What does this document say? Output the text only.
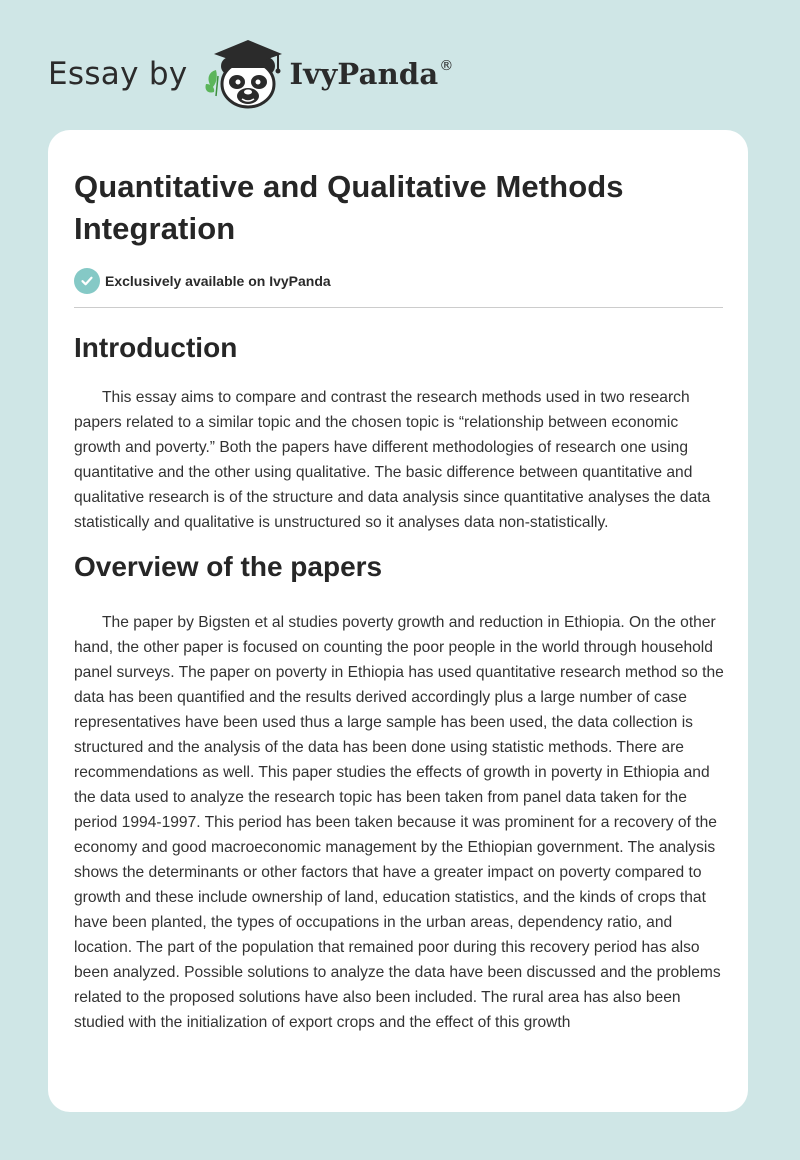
Essay by	IvyPanda®
Quantitative and Qualitative Methods Integration
Exclusively available on IvyPanda
Introduction

This essay aims to compare and contrast the research methods used in two research papers related to a similar topic and the chosen topic is “relationship between economic growth and poverty.” Both the papers have different methodologies of research one using quantitative and the other using qualitative. The basic difference between quantitative and qualitative research is of the structure and data analysis since quantitative analyses the data statistically and qualitative is unstructured so it analyses data non-statistically.

Overview of the papers

The paper by Bigsten et al studies poverty growth and reduction in Ethiopia. On the other hand, the other paper is focused on counting the poor people in the world through household panel surveys. The paper on poverty in Ethiopia has used quantitative research method so the data has been quantified and the results derived accordingly plus a large number of case representatives have been used thus a large sample has been used, the data collection is structured and the analysis of the data has been done using statistic methods. There are recommendations as well. This paper studies the effects of growth in poverty in Ethiopia and the data used to analyze the research topic has been taken from panel data taken for the period 1994-1997. This period has been taken because it was prominent for a recovery of the economy and good macroeconomic management by the Ethiopian government. The analysis shows the determinants or other factors that have a greater impact on poverty compared to growth and these include ownership of land, education statistics, and the kinds of crops that have been planted, the types of occupations in the urban areas, dependency ratio, and location. The part of the population that remained poor during this recovery period has also been analyzed. Possible solutions to analyze the data have been discussed and the problems related to the proposed solutions have also been included. The rural area has also been studied with the initialization of export crops and the effect of this growth
